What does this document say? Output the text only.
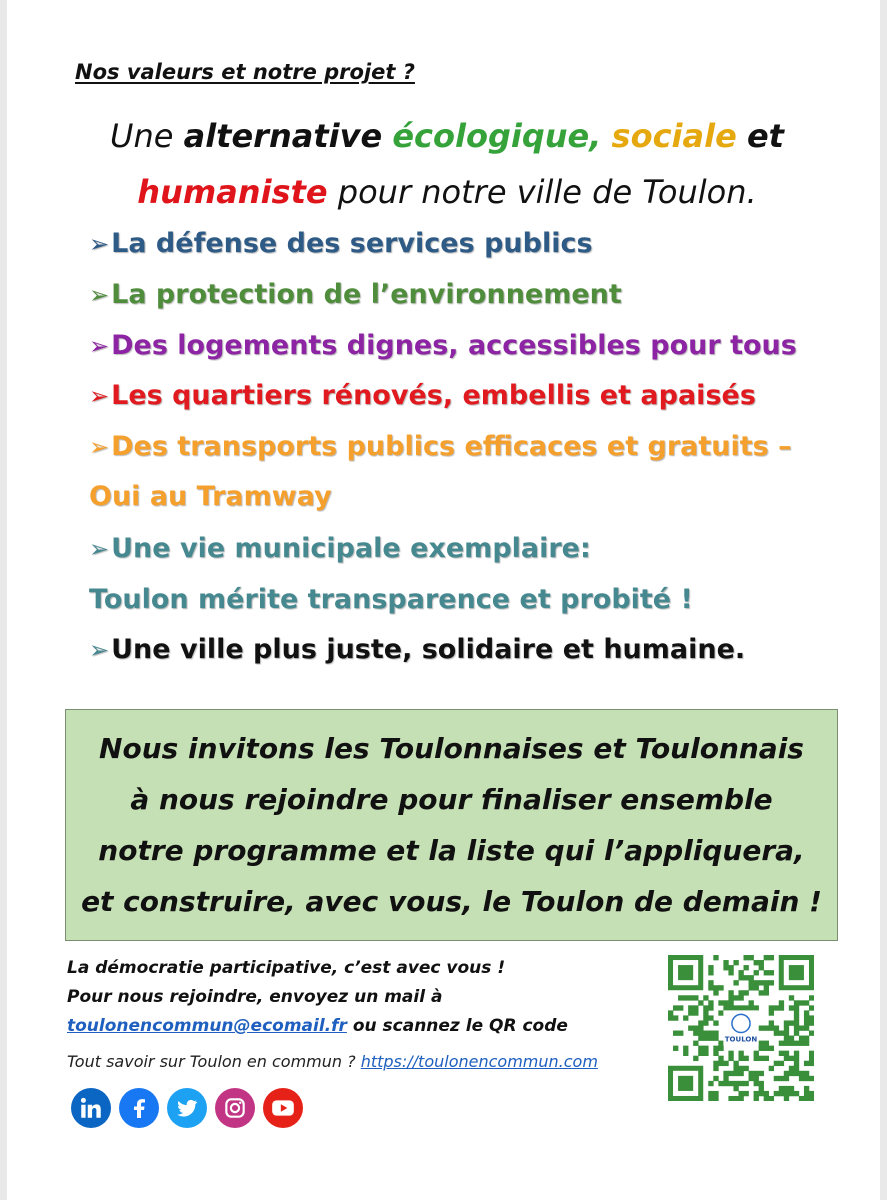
Nos valeurs et notre projet ?
Une alternative écologique, sociale et
humaniste pour notre ville de Toulon.
➢La défense des services publics
➢La protection de l’environnement
➢Des logements dignes, accessibles pour tous
➢Les quartiers rénovés, embellis et apaisés
➢Des transports publics efficaces et gratuits –
Oui au Tramway
➢Une vie municipale exemplaire:
Toulon mérite transparence et probité !
➢Une ville plus juste, solidaire et humaine.
Nous invitons les Toulonnaises et Toulonnais
à nous rejoindre pour finaliser ensemble
notre programme et la liste qui l’appliquera,
et construire, avec vous, le Toulon de demain !
La démocratie participative, c’est avec vous !
Pour nous rejoindre, envoyez un mail à
toulonencommun@ecomail.fr ou scannez le QR code
Tout savoir sur Toulon en commun ? https://toulonencommun.com
TOULON
